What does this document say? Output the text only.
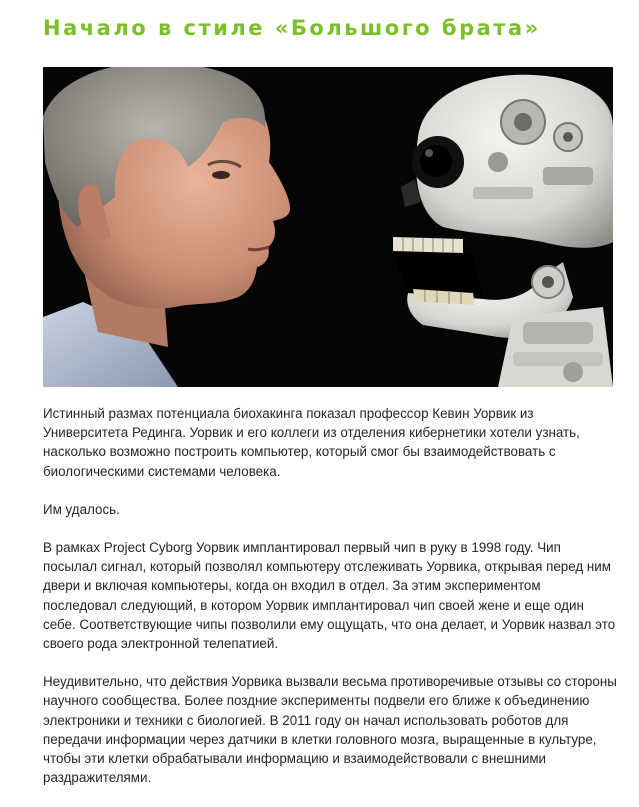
Начало в стиле «Большого брата»

Истинный размах потенциала биохакинга показал профессор Кевин Уорвик из Университета Рединга. Уорвик и его коллеги из отделения кибернетики хотели узнать, насколько возможно построить компьютер, который смог бы взаимодействовать с биологическими системами человека.

Им удалось.

В рамках Project Cyborg Уорвик имплантировал первый чип в руку в 1998 году. Чип посылал сигнал, который позволял компьютеру отслеживать Уорвика, открывая перед ним двери и включая компьютеры, когда он входил в отдел. За этим экспериментом последовал следующий, в котором Уорвик имплантировал чип своей жене и еще один себе. Соответствующие чипы позволили ему ощущать, что она делает, и Уорвик назвал это своего рода электронной телепатией.

Неудивительно, что действия Уорвика вызвали весьма противоречивые отзывы со стороны научного сообщества. Более поздние эксперименты подвели его ближе к объединению электроники и техники с биологией. В 2011 году он начал использовать роботов для передачи информации через датчики в клетки головного мозга, выращенные в культуре, чтобы эти клетки обрабатывали информацию и взаимодействовали с внешними раздражителями.
